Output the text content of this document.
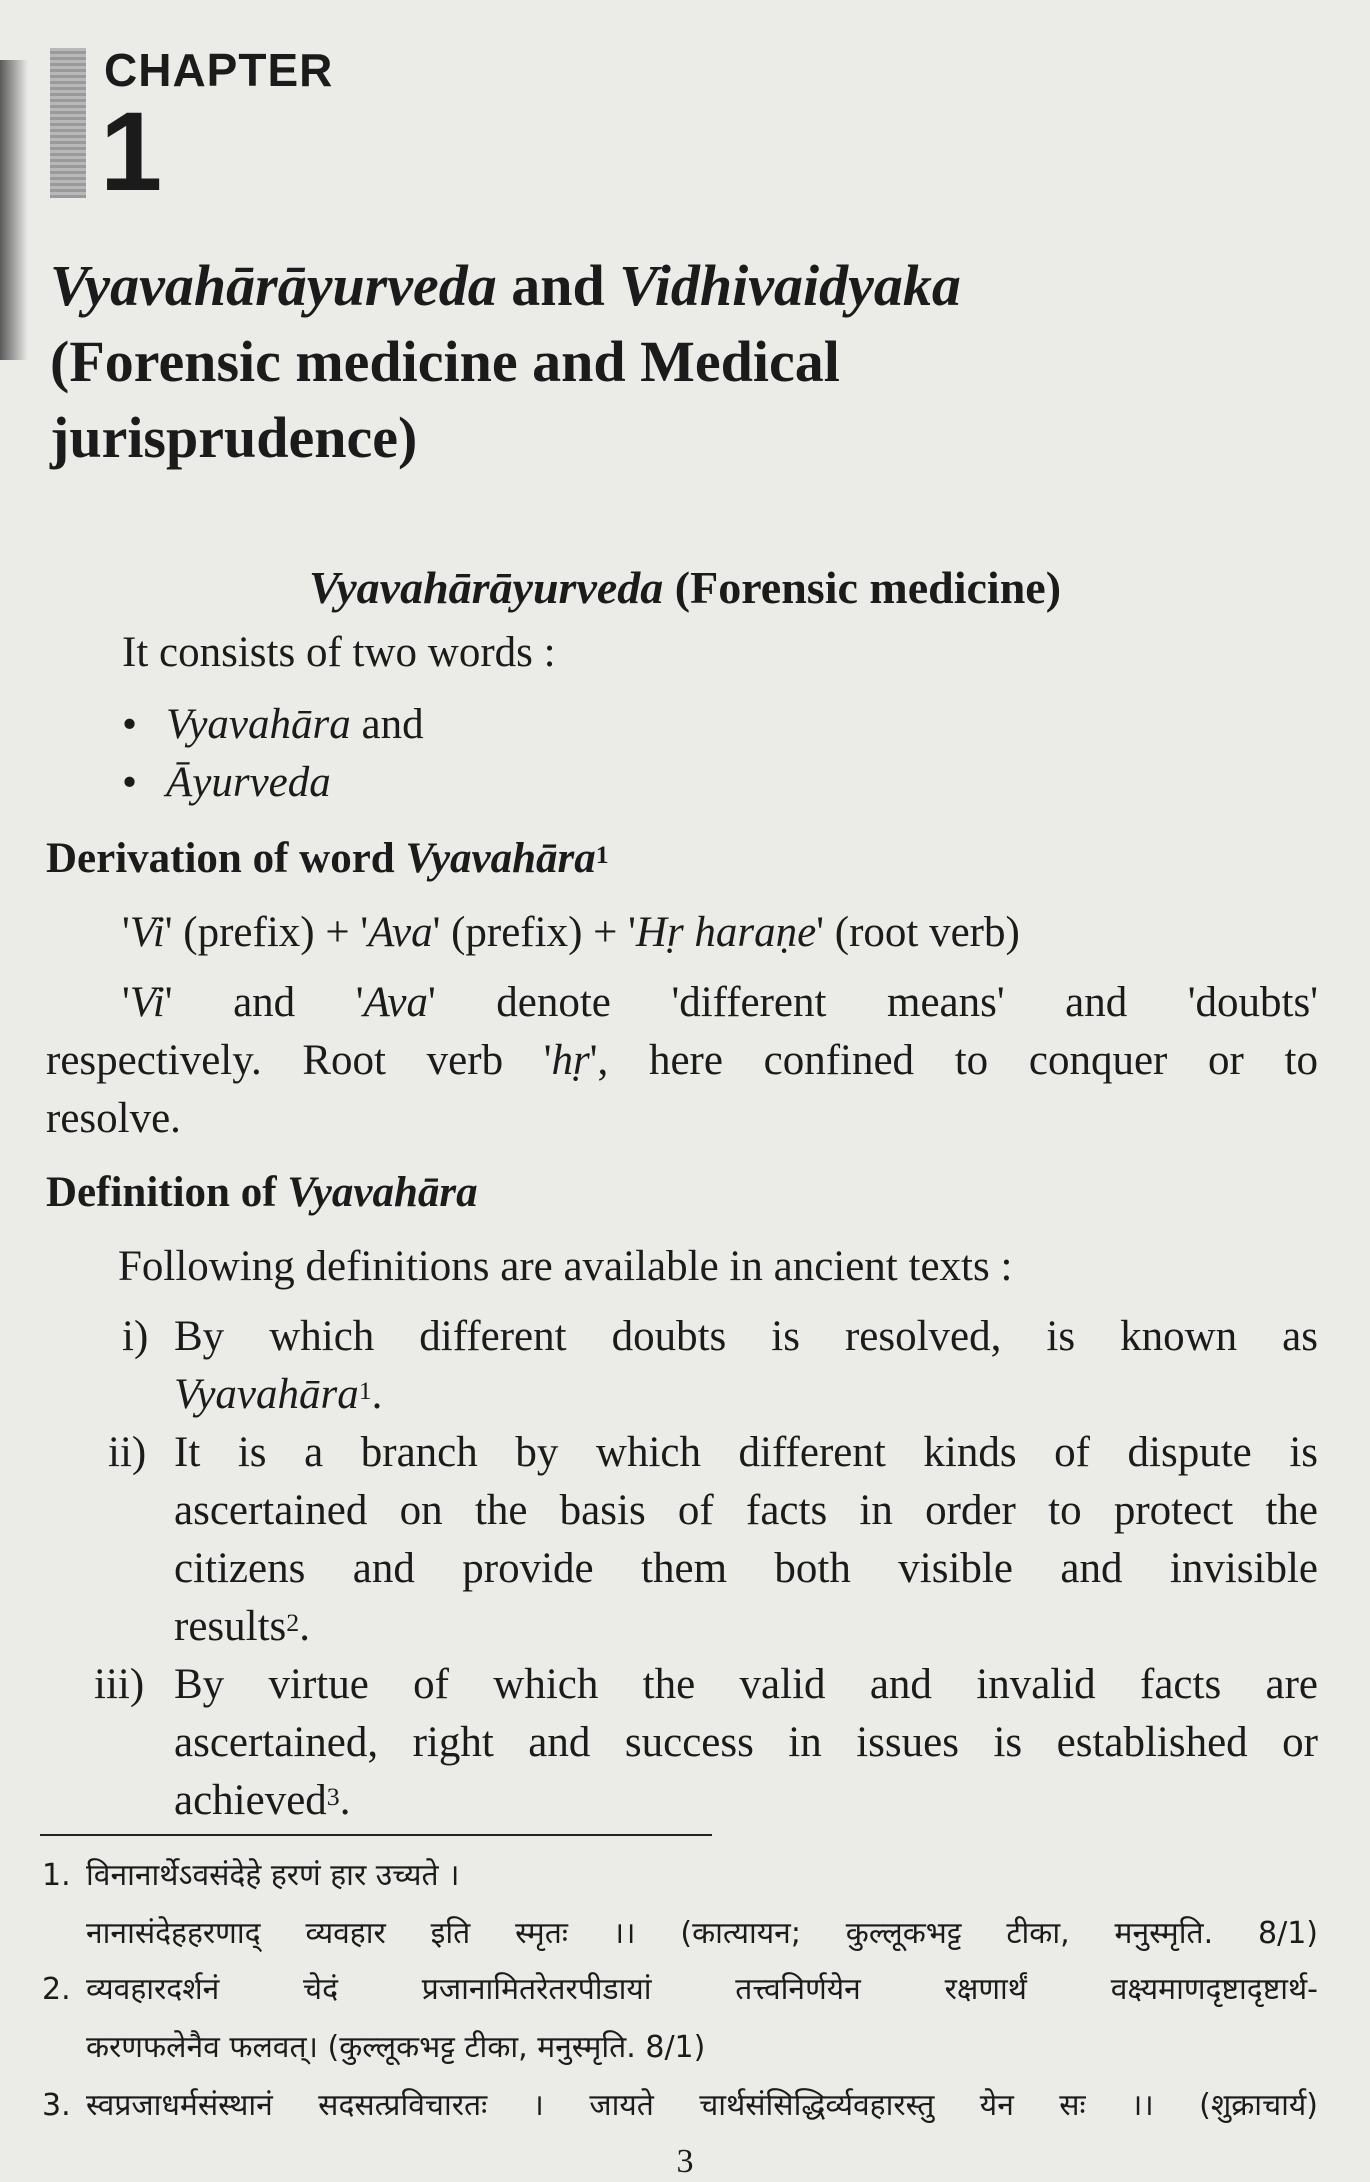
CHAPTER
1
Vyavahārāyurveda and Vidhivaidyaka
(Forensic medicine and Medical
jurisprudence)
Vyavahārāyurveda (Forensic medicine)
It consists of two words :
• Vyavahāra and
• Āyurveda
Derivation of word Vyavahāra$^1$
'Vi' (prefix) + 'Ava' (prefix) + 'Hṛ haraṇe' (root verb)
'Vi' and 'Ava' denote 'different means' and 'doubts'
respectively. Root verb 'hṛ', here confined to conquer or to
resolve.
Definition of Vyavahāra
Following definitions are available in ancient texts :
i) By which different doubts is resolved, is known as
Vyavahāra$^1$.
ii) It is a branch by which different kinds of dispute is
ascertained on the basis of facts in order to protect the
citizens and provide them both visible and invisible
results$^2$.
iii) By virtue of which the valid and invalid facts are
ascertained, right and success in issues is established or
achieved$^3$.
1. विनानार्थेऽवसंदेहे हरणं हार उच्यते ।
नानासंदेहहरणाद् व्यवहार इति स्मृतः ।। (कात्यायन; कुल्लूकभट्ट टीका, मनुस्मृति. 8/1)
2. व्यवहारदर्शनं चेदं प्रजानामितरेतरपीडायां तत्त्वनिर्णयेन रक्षणार्थं वक्ष्यमाणदृष्टादृष्टार्थ-
करणफलेनैव फलवत्। (कुल्लूकभट्ट टीका, मनुस्मृति. 8/1)
3. स्वप्रजाधर्मसंस्थानं सदसत्प्रविचारतः । जायते चार्थसंसिद्धिर्व्यवहारस्तु येन सः ।। (शुक्राचार्य)
3
